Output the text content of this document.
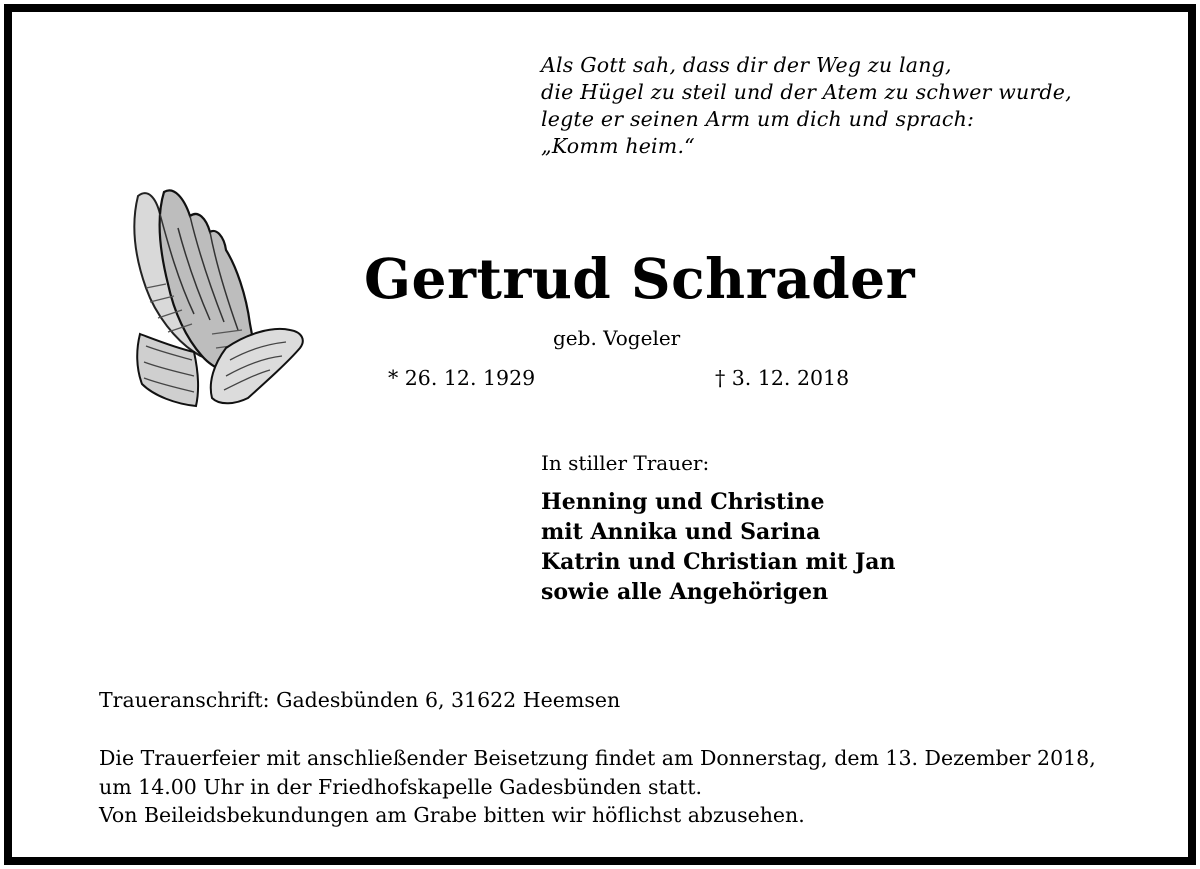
Als Gott sah, dass dir der Weg zu lang,
die Hügel zu steil und der Atem zu schwer wurde,
legte er seinen Arm um dich und sprach:
„Komm heim.“
Gertrud Schrader
geb. Vogeler
* 26. 12. 1929	† 3. 12. 2018
In stiller Trauer:
Henning und Christine
mit Annika und Sarina
Katrin und Christian mit Jan
sowie alle Angehörigen
Traueranschrift: Gadesbünden 6, 31622 Heemsen
Die Trauerfeier mit anschließender Beisetzung findet am Donnerstag, dem 13. Dezember 2018, um 14.00 Uhr in der Friedhofskapelle Gadesbünden statt.
Von Beileidsbekundungen am Grabe bitten wir höflichst abzusehen.
